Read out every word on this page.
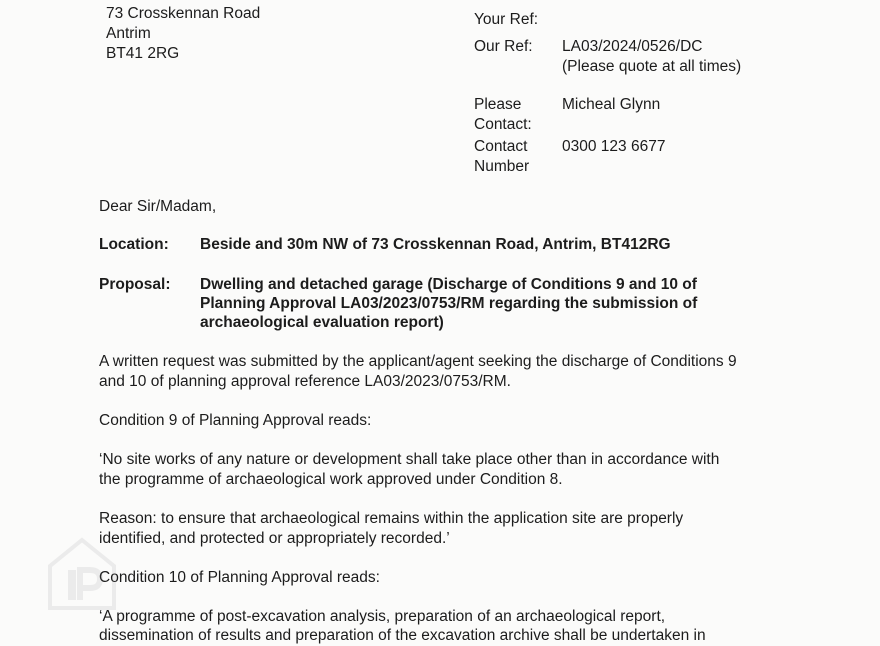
73 Crosskennan Road
Antrim
BT41 2RG
Your Ref:
Our Ref: LA03/2024/0526/DC
(Please quote at all times)
Please
Contact:
Micheal Glynn
Contact
Number
0300 123 6677
Dear Sir/Madam,
Location: Beside and 30m NW of 73 Crosskennan Road, Antrim, BT412RG
Proposal: Dwelling and detached garage (Discharge of Conditions 9 and 10 of
Planning Approval LA03/2023/0753/RM regarding the submission of
archaeological evaluation report)
A written request was submitted by the applicant/agent seeking the discharge of Conditions 9
and 10 of planning approval reference LA03/2023/0753/RM.
Condition 9 of Planning Approval reads:
‘No site works of any nature or development shall take place other than in accordance with
the programme of archaeological work approved under Condition 8.
Reason: to ensure that archaeological remains within the application site are properly
identified, and protected or appropriately recorded.’
Condition 10 of Planning Approval reads:
‘A programme of post-excavation analysis, preparation of an archaeological report,
dissemination of results and preparation of the excavation archive shall be undertaken in
